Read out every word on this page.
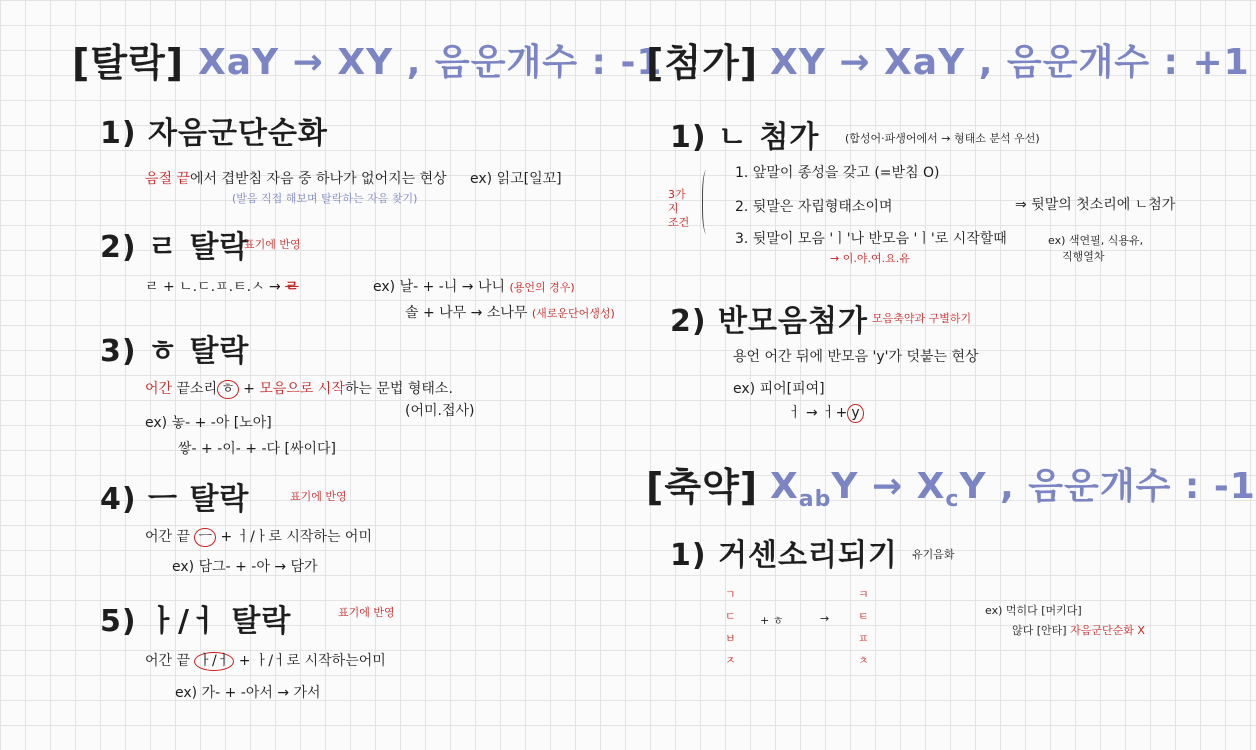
[탈락] XaY → XY , 음운개수 : -1
1) 자음군단순화
음절 끝에서 겹받침 자음 중 하나가 없어지는 현상 ex) 읽고[일꼬]
(발음 직접 해보며 탈락하는 자음 찾기)
2) ㄹ 탈락
표기에 반영
ㄹ + ㄴ.ㄷ.ㅍ.ㅌ.ㅅ → ㄹ	ex) 날- + -니 → 나니 (용언의 경우)
솔 + 나무 → 소나무 (새로운단어생성)
3) ㅎ 탈락
어간 끝소리 ㅎ + 모음으로 시작하는 문법 형태소.
(어미.접사)
ex) 놓- + -아 [노아]
쌓- + -이- + -다 [싸이다]
4) ㅡ 탈락	표기에 반영
어간 끝 ㅡ + ㅓ/ㅏ로 시작하는 어미
ex) 담그- + -아 → 담가
5) ㅏ/ㅓ 탈락	표기에 반영
어간 끝 ㅏ/ㅓ + ㅏ/ㅓ로 시작하는어미
ex) 가- + -아서 → 가서
[첨가] XY → XaY , 음운개수 : +1
1) ㄴ 첨가 (합성어·파생어에서 → 형태소 분석 우선)
3가지 조건
1. 앞말이 종성을 갖고 (=받침 O)
2. 뒷말은 자립형태소이며
3. 뒷말이 모음 'ㅣ'나 반모음 'ㅣ'로 시작할때
→ 이.야.여.요.유
⇒ 뒷말의 첫소리에 ㄴ첨가
ex) 색연필, 식용유,
직행열차
2) 반모음첨가 모음축약과 구별하기
용언 어간 뒤에 반모음 'y'가 덧붙는 현상
ex) 피어[피여]
ㅓ → ㅓ+ y
[축약] $X_{ab}Y \to X_cY$ , 음운개수 : -1
1) 거센소리되기 유기음화
ㄱ
ㄷ
ㅂ
ㅈ
+ ㅎ	→
ㅋ
ㅌ
ㅍ
ㅊ
ex) 먹히다 [머키다]
않다 [안타] 자음군단순화 X
